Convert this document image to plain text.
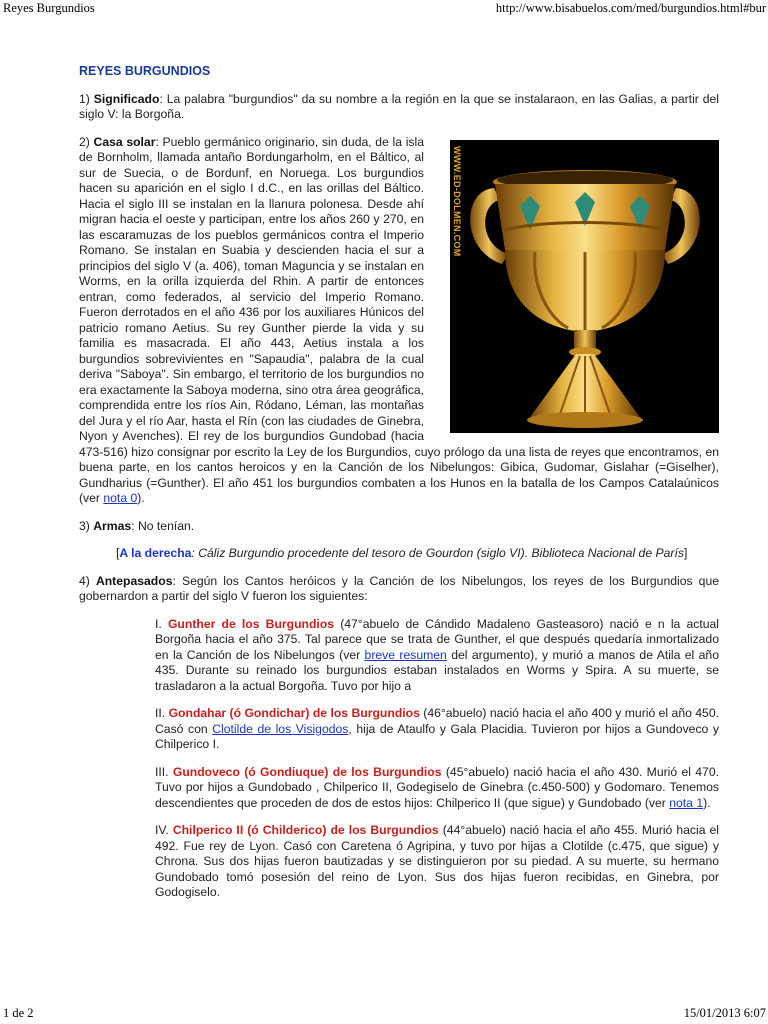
Reyes Burgundios	http://www.bisabuelos.com/med/burgundios.html#bur
REYES BURGUNDIOS

1) Significado: La palabra "burgundios" da su nombre a la región en la que se instalaraon, en las Galias, a partir del siglo V: la Borgoña.

WWW.ED-DOLMEN.COM

2) Casa solar: Pueblo germánico originario, sin duda, de la isla de Bornholm, llamada antaño Bordungarholm, en el Báltico, al sur de Suecia, o de Bordunf, en Noruega. Los burgundios hacen su aparición en el siglo I d.C., en las orillas del Báltico. Hacia el siglo III se instalan en la llanura polonesa. Desde ahí migran hacia el oeste y participan, entre los años 260 y 270, en las escaramuzas de los pueblos germánicos contra el Imperio Romano. Se instalan en Suabia y descienden hacia el sur a principios del siglo V (a. 406), toman Maguncia y se instalan en Worms, en la orilla izquierda del Rhin. A partir de entonces entran, como federados, al servicio del Imperio Romano. Fueron derrotados en el año 436 por los auxiliares Húnicos del patricio romano Aetius. Su rey Gunther pierde la vida y su familia es masacrada. El año 443, Aetius instala a los burgundios sobrevivientes en "Sapaudia", palabra de la cual deriva "Saboya". Sin embargo, el territorio de los burgundios no era exactamente la Saboya moderna, sino otra área geográfica, comprendida entre los ríos Ain, Ródano, Léman, las montañas del Jura y el río Aar, hasta el Rín (con las ciudades de Ginebra, Nyon y Avenches). El rey de los burgundios Gundobad (hacia 473-516) hizo consignar por escrito la Ley de los Burgundios, cuyo prólogo da una lista de reyes que encontramos, en buena parte, en los cantos heroicos y en la Canción de los Nibelungos: Gibica, Gudomar, Gislahar (=Giselher), Gundharius (=Gunther). El año 451 los burgundios combaten a los Hunos en la batalla de los Campos Catalaúnicos (ver nota 0).

3) Armas: No tenían.

[A la derecha: Cáliz Burgundio procedente del tesoro de Gourdon (siglo VI). Biblioteca Nacional de París]

4) Antepasados: Según los Cantos heróicos y la Canción de los Nibelungos, los reyes de los Burgundios que gobernardon a partir del siglo V fueron los siguientes:

I. Gunther de los Burgundios (47°abuelo de Cándido Madaleno Gasteasoro) nació e n la actual Borgoña hacia el año 375. Tal parece que se trata de Gunther, el que después quedaría inmortalizado en la Canción de los Nibelungos (ver breve resumen del argumento), y murió a manos de Atila el año 435. Durante su reinado los burgundios estaban instalados en Worms y Spira. A su muerte, se trasladaron a la actual Borgoña. Tuvo por hijo a

II. Gondahar (ó Gondichar) de los Burgundios (46°abuelo) nació hacia el año 400 y murió el año 450. Casó con Clotilde de los Visigodos, hija de Ataulfo y Gala Placidia. Tuvieron por hijos a Gundoveco y Chilperico I.

III. Gundoveco (ó Gondiuque) de los Burgundios (45°abuelo) nació hacia el año 430. Murió el 470. Tuvo por hijos a Gundobado , Chilperico II, Godegiselo de Ginebra (c.450-500) y Godomaro. Tenemos descendientes que proceden de dos de estos hijos: Chilperico II (que sigue) y Gundobado (ver nota 1).

IV. Chilperico II (ó Childerico) de los Burgundios (44°abuelo) nació hacia el año 455. Murió hacia el 492. Fue rey de Lyon. Casó con Caretena ó Agripina, y tuvo por hijas a Clotilde (c.475, que sigue) y Chrona. Sus dos hijas fueron bautizadas y se distinguieron por su piedad. A su muerte, su hermano Gundobado tomó posesión del reino de Lyon. Sus dos hijas fueron recibidas, en Ginebra, por Godogiselo.

1 de 2	15/01/2013 6:07
